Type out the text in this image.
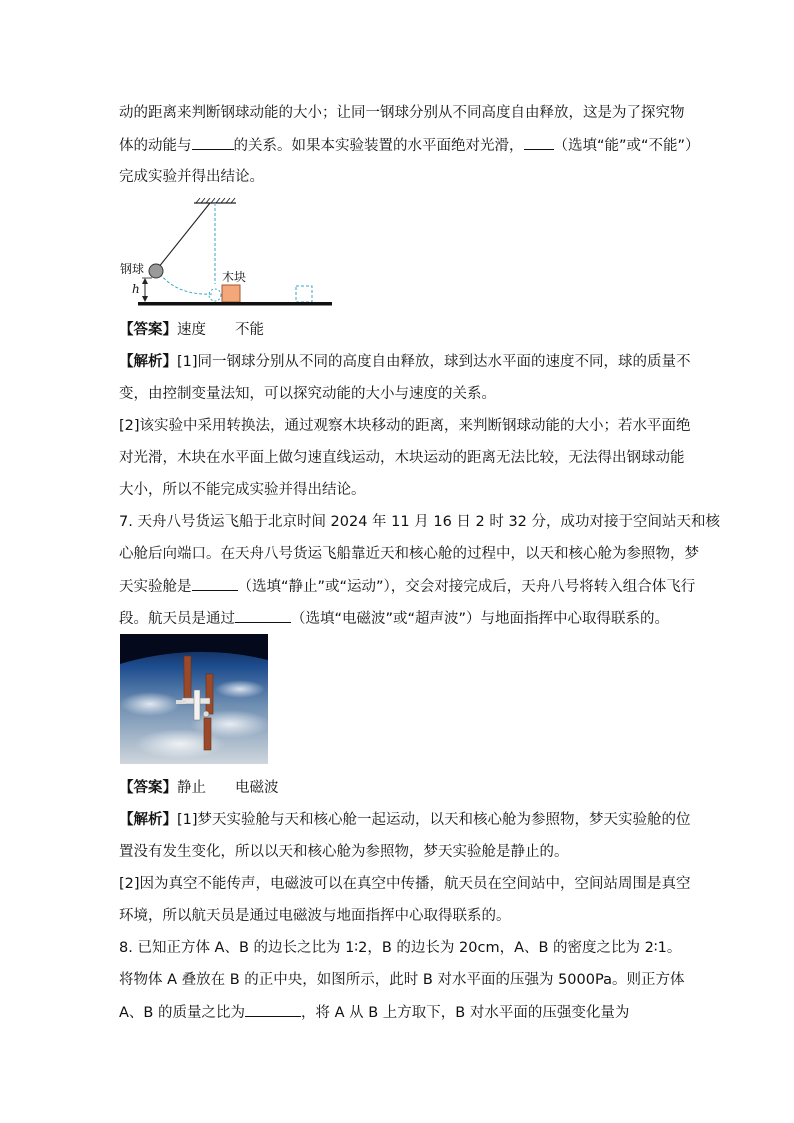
动的距离来判断钢球动能的大小；让同一钢球分别从不同高度自由释放，这是为了探究物
体的动能与	的关系。如果本实验装置的水平面绝对光滑， （选填“能”或“不能”）
完成实验并得出结论。
钢球
木块
h
【答案】速度　　不能
【解析】[1]同一钢球分别从不同的高度自由释放，球到达水平面的速度不同，球的质量不
变，由控制变量法知，可以探究动能的大小与速度的关系。
[2]该实验中采用转换法，通过观察木块移动的距离，来判断钢球动能的大小；若水平面绝
对光滑，木块在水平面上做匀速直线运动，木块运动的距离无法比较，无法得出钢球动能
大小，所以不能完成实验并得出结论。
7. 天舟八号货运飞船于北京时间 2024 年 11 月 16 日 2 时 32 分，成功对接于空间站天和核
心舱后向端口。在天舟八号货运飞船靠近天和核心舱的过程中，以天和核心舱为参照物，梦
天实验舱是	（选填“静止”或“运动”），交会对接完成后，天舟八号将转入组合体飞行
段。航天员是通过	（选填“电磁波”或“超声波”）与地面指挥中心取得联系的。
【答案】静止　　电磁波
【解析】[1]梦天实验舱与天和核心舱一起运动，以天和核心舱为参照物，梦天实验舱的位
置没有发生变化，所以以天和核心舱为参照物，梦天实验舱是静止的。
[2]因为真空不能传声，电磁波可以在真空中传播，航天员在空间站中，空间站周围是真空
环境，所以航天员是通过电磁波与地面指挥中心取得联系的。
8. 已知正方体 A、B 的边长之比为 1∶2，B 的边长为 20cm，A、B 的密度之比为 2∶1。
将物体 A 叠放在 B 的正中央，如图所示，此时 B 对水平面的压强为 5000Pa。则正方体
A、B 的质量之比为	，将 A 从 B 上方取下，B 对水平面的压强变化量为
